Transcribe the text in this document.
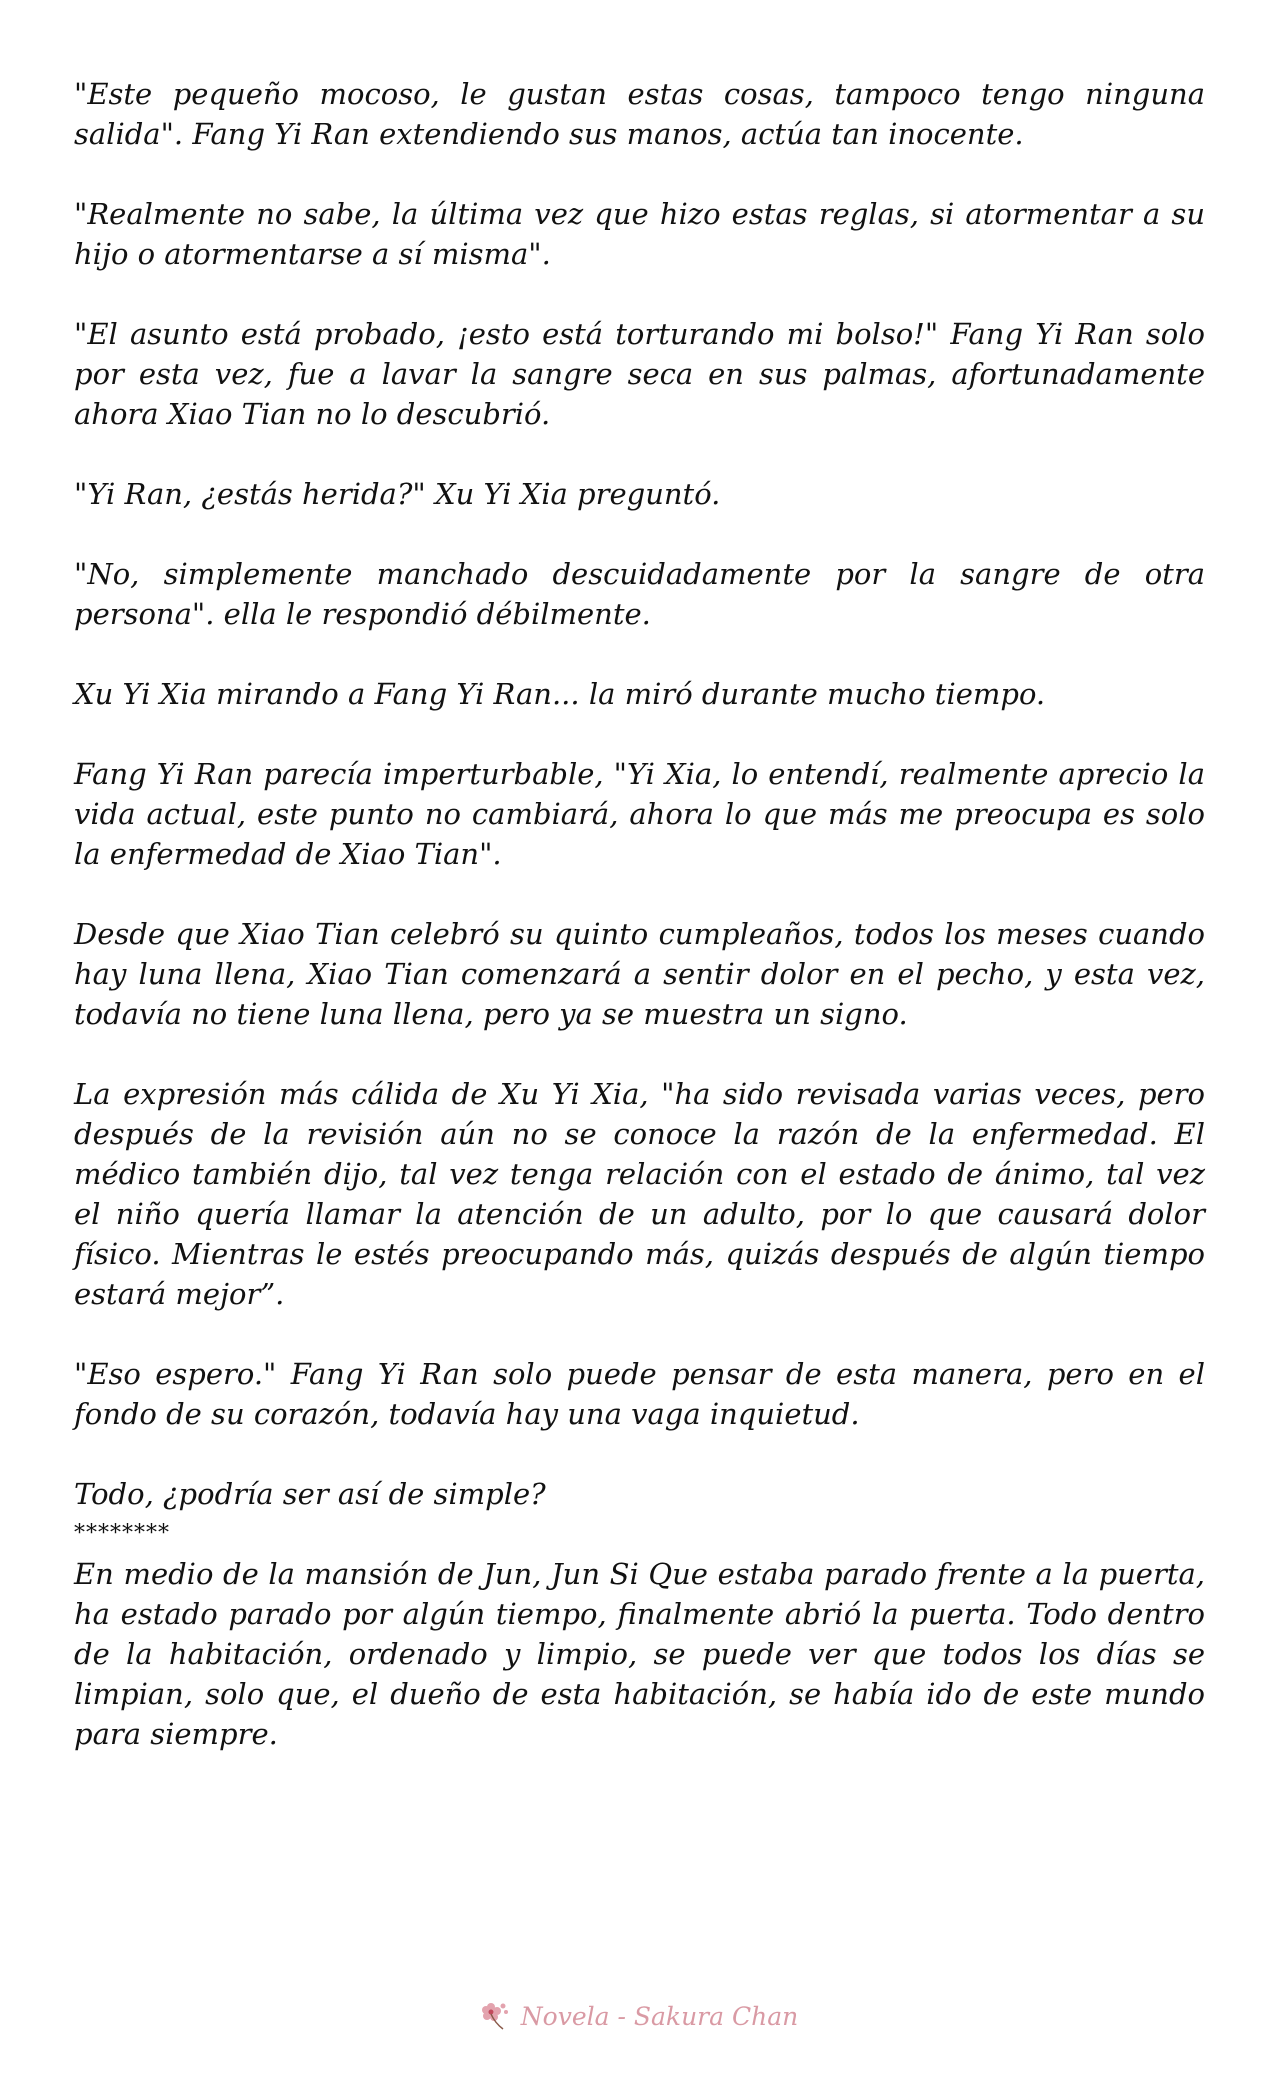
"Este pequeño mocoso, le gustan estas cosas, tampoco tengo ninguna salida". Fang Yi Ran extendiendo sus manos, actúa tan inocente.

"Realmente no sabe, la última vez que hizo estas reglas, si atormentar a su hijo o atormentarse a sí misma".

"El asunto está probado, ¡esto está torturando mi bolso!" Fang Yi Ran solo por esta vez, fue a lavar la sangre seca en sus palmas, afortunadamente ahora Xiao Tian no lo descubrió.

"Yi Ran, ¿estás herida?" Xu Yi Xia preguntó.

"No, simplemente manchado descuidadamente por la sangre de otra persona". ella le respondió débilmente.

Xu Yi Xia mirando a Fang Yi Ran... la miró durante mucho tiempo.

Fang Yi Ran parecía imperturbable, "Yi Xia, lo entendí, realmente aprecio la vida actual, este punto no cambiará, ahora lo que más me preocupa es solo la enfermedad de Xiao Tian".

Desde que Xiao Tian celebró su quinto cumpleaños, todos los meses cuando hay luna llena, Xiao Tian comenzará a sentir dolor en el pecho, y esta vez, todavía no tiene luna llena, pero ya se muestra un signo.

La expresión más cálida de Xu Yi Xia, "ha sido revisada varias veces, pero después de la revisión aún no se conoce la razón de la enfermedad. El médico también dijo, tal vez tenga relación con el estado de ánimo, tal vez el niño quería llamar la atención de un adulto, por lo que causará dolor físico. Mientras le estés preocupando más, quizás después de algún tiempo estará mejor”.

"Eso espero." Fang Yi Ran solo puede pensar de esta manera, pero en el fondo de su corazón, todavía hay una vaga inquietud.

Todo, ¿podría ser así de simple?

********

En medio de la mansión de Jun, Jun Si Que estaba parado frente a la puerta, ha estado parado por algún tiempo, finalmente abrió la puerta. Todo dentro de la habitación, ordenado y limpio, se puede ver que todos los días se limpian, solo que, el dueño de esta habitación, se había ido de este mundo para siempre.

Novela - Sakura Chan
